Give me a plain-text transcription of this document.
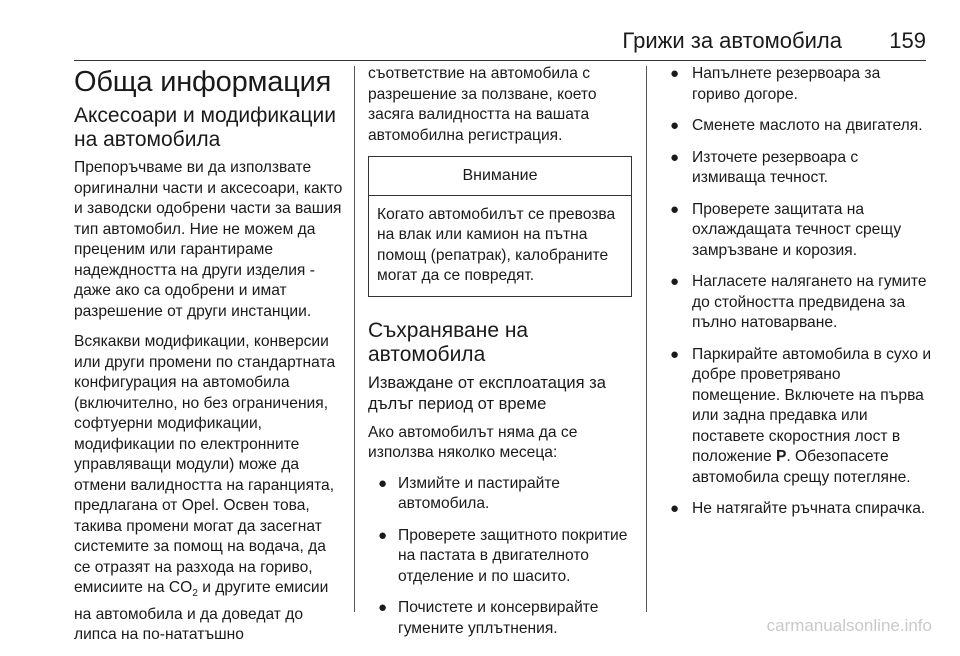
Грижи за автомобила 159
Обща информация
Аксесоари и модификации на автомобила

Препоръчваме ви да използвате оригинални части и аксесоари, както и заводски одобрени части за вашия тип автомобил. Ние не можем да преценим или гарантираме надеждността на други изделия - даже ако са одобрени и имат разрешение от други инстанции.

Всякакви модификации, конверсии или други промени по стандартната конфигурация на автомобила (включително, но без ограничения, софтуерни модификации, модификации по електронните управляващи модули) може да отмени валидността на гаранцията, предлагана от Opel. Освен това, такива промени могат да засегнат системите за помощ на водача, да се отразят на разхода на гориво, емисиите на $CO_2$ и другите емисии на автомобила и да доведат до липса на по-нататъшно

съответствие на автомобила с разрешение за ползване, което засяга валидността на вашата автомобилна регистрация.

Внимание
Когато автомобилът се превозва на влак или камион на пътна помощ (репатрак), калобраните могат да се повредят.
Съхраняване на автомобила
Изваждане от експлоатация за дълъг период от време

Ако автомобилът няма да се използва няколко месеца:

● Измийте и пастирайте автомобила.
● Проверете защитното покритие на пастата в двигателното отделение и по шасито.
● Почистете и консервирайте гумените уплътнения.
● Напълнете резервоара за гориво догоре.
● Сменете маслото на двигателя.
● Източете резервоара с измиваща течност.
● Проверете защитата на охлаждащата течност срещу замръзване и корозия.
● Нагласете налягането на гумите до стойността предвидена за пълно натоварване.
● Паркирайте автомобила в сухо и добре проветрявано помещение. Включете на първа или задна предавка или поставете скоростния лост в положение P. Обезопасете автомобила срещу потегляне.
● Не натягайте ръчната спирачка.
carmanualsonline.info
